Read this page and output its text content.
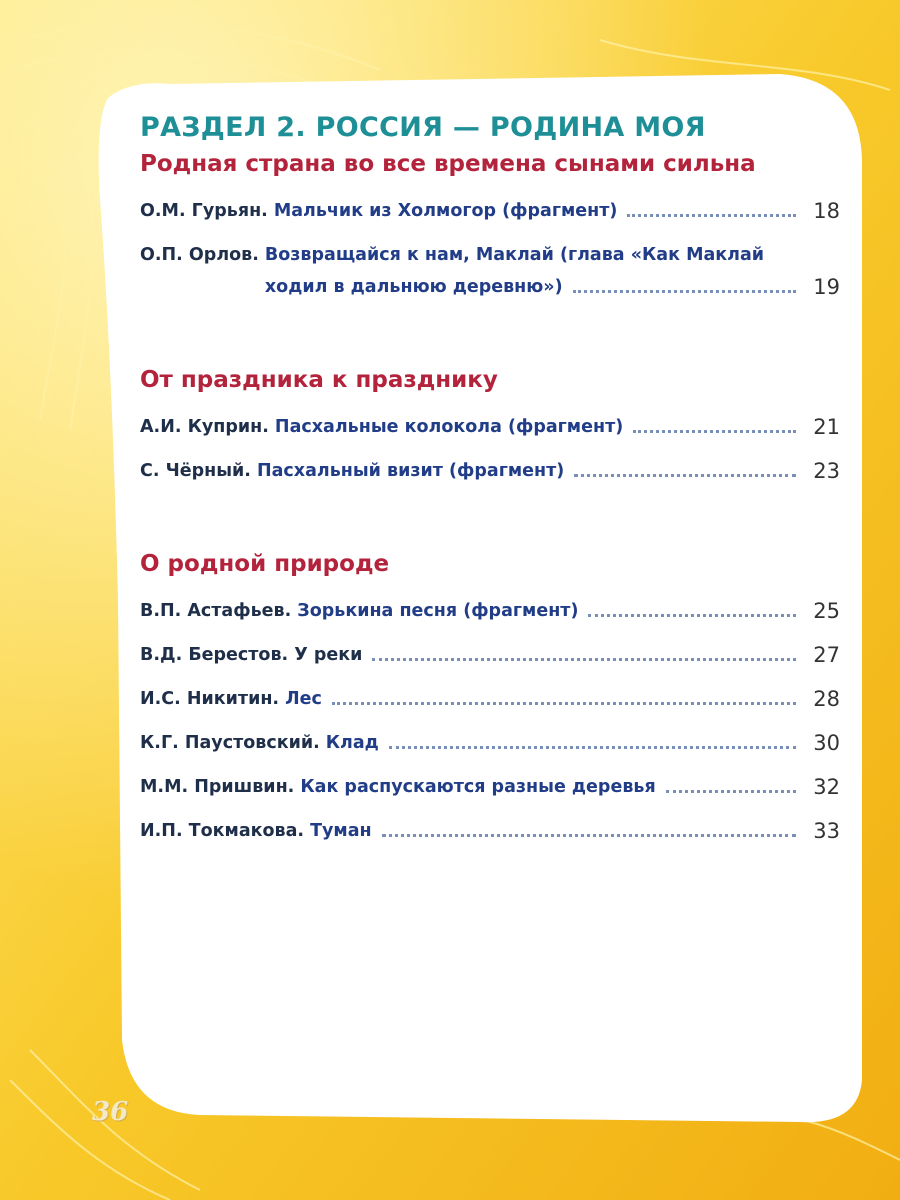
РАЗДЕЛ 2. РОССИЯ — РОДИНА МОЯ
Родная страна во все времена сынами сильна
О.М. Гурьян. Мальчик из Холмогор (фрагмент)	18
О.П. Орлов. Возвращайся к нам, Маклай (глава «Как Маклай
ходил в дальнюю деревню»)	19
От праздника к празднику
А.И. Куприн. Пасхальные колокола (фрагмент)	21
С. Чёрный. Пасхальный визит (фрагмент)	23
О родной природе
В.П. Астафьев. Зорькина песня (фрагмент)	25
В.Д. Берестов. У реки	27
И.С. Никитин. Лес	28
К.Г. Паустовский. Клад	30
М.М. Пришвин. Как распускаются разные деревья	32
И.П. Токмакова. Туман	33
36
